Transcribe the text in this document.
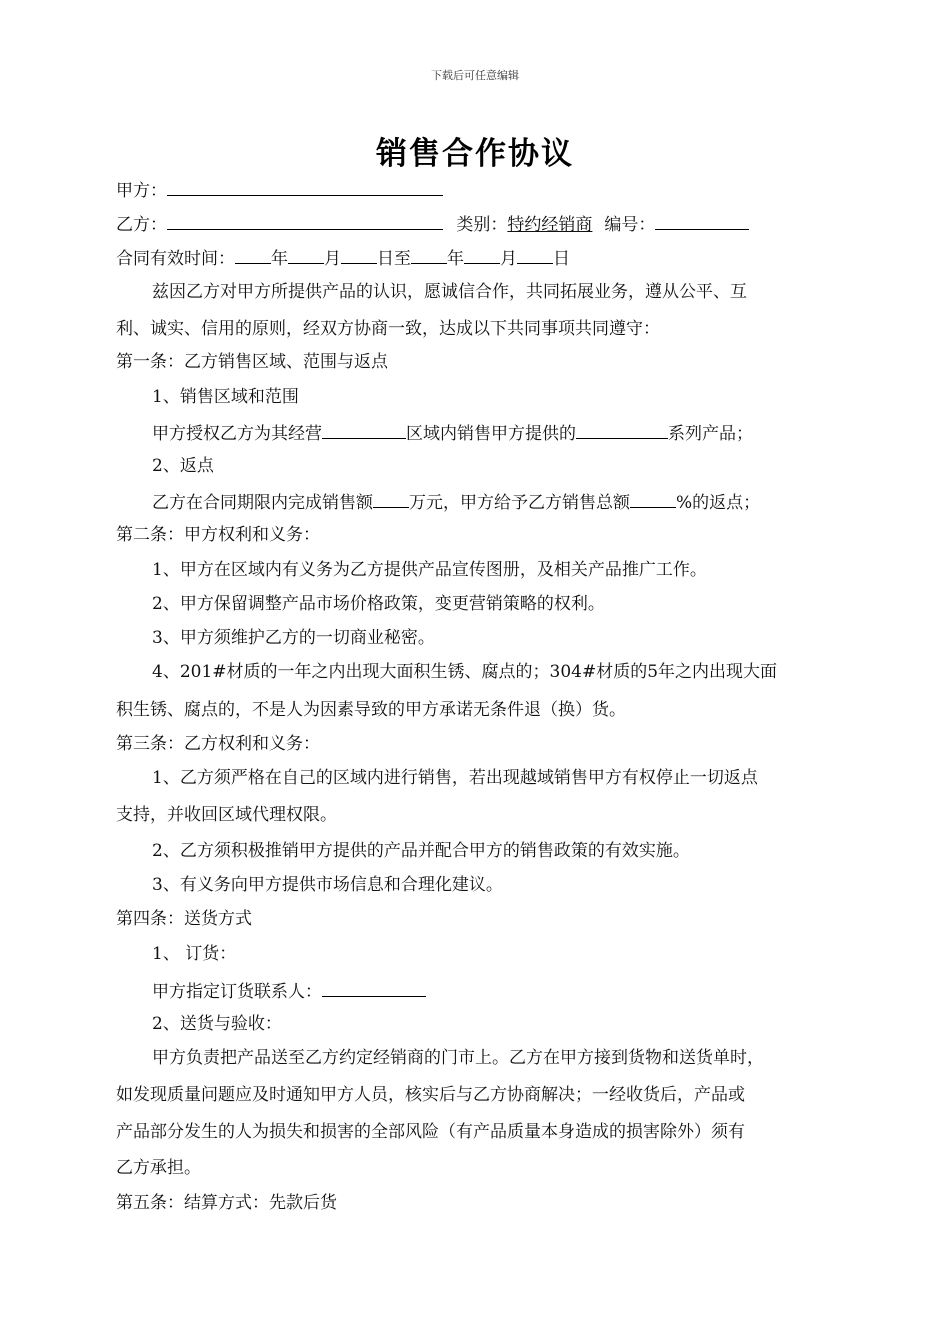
下载后可任意编辑
销售合作协议
甲方：
乙方：	类别：特约经销商 编号：
合同有效时间： 年 月 日至 年 月 日
兹因乙方对甲方所提供产品的认识，愿诚信合作，共同拓展业务，遵从公平、互
利、诚实、信用的原则，经双方协商一致，达成以下共同事项共同遵守：
第一条：乙方销售区域、范围与返点
1、销售区域和范围
甲方授权乙方为其经营	区域内销售甲方提供的	系列产品；
2、返点
乙方在合同期限内完成销售额 万元，甲方给予乙方销售总额	%的返点；
第二条：甲方权利和义务：
1、甲方在区域内有义务为乙方提供产品宣传图册，及相关产品推广工作。
2、甲方保留调整产品市场价格政策，变更营销策略的权利。
3、甲方须维护乙方的一切商业秘密。
4、201#材质的一年之内出现大面积生锈、腐点的；304#材质的5年之内出现大面
积生锈、腐点的，不是人为因素导致的甲方承诺无条件退（换）货。
第三条：乙方权利和义务：
1、乙方须严格在自己的区域内进行销售，若出现越域销售甲方有权停止一切返点
支持，并收回区域代理权限。
2、乙方须积极推销甲方提供的产品并配合甲方的销售政策的有效实施。
3、有义务向甲方提供市场信息和合理化建议。
第四条：送货方式
1、 订货：
甲方指定订货联系人：
2、送货与验收：
甲方负责把产品送至乙方约定经销商的门市上。乙方在甲方接到货物和送货单时，
如发现质量问题应及时通知甲方人员，核实后与乙方协商解决；一经收货后，产品或
产品部分发生的人为损失和损害的全部风险（有产品质量本身造成的损害除外）须有
乙方承担。
第五条：结算方式：先款后货
